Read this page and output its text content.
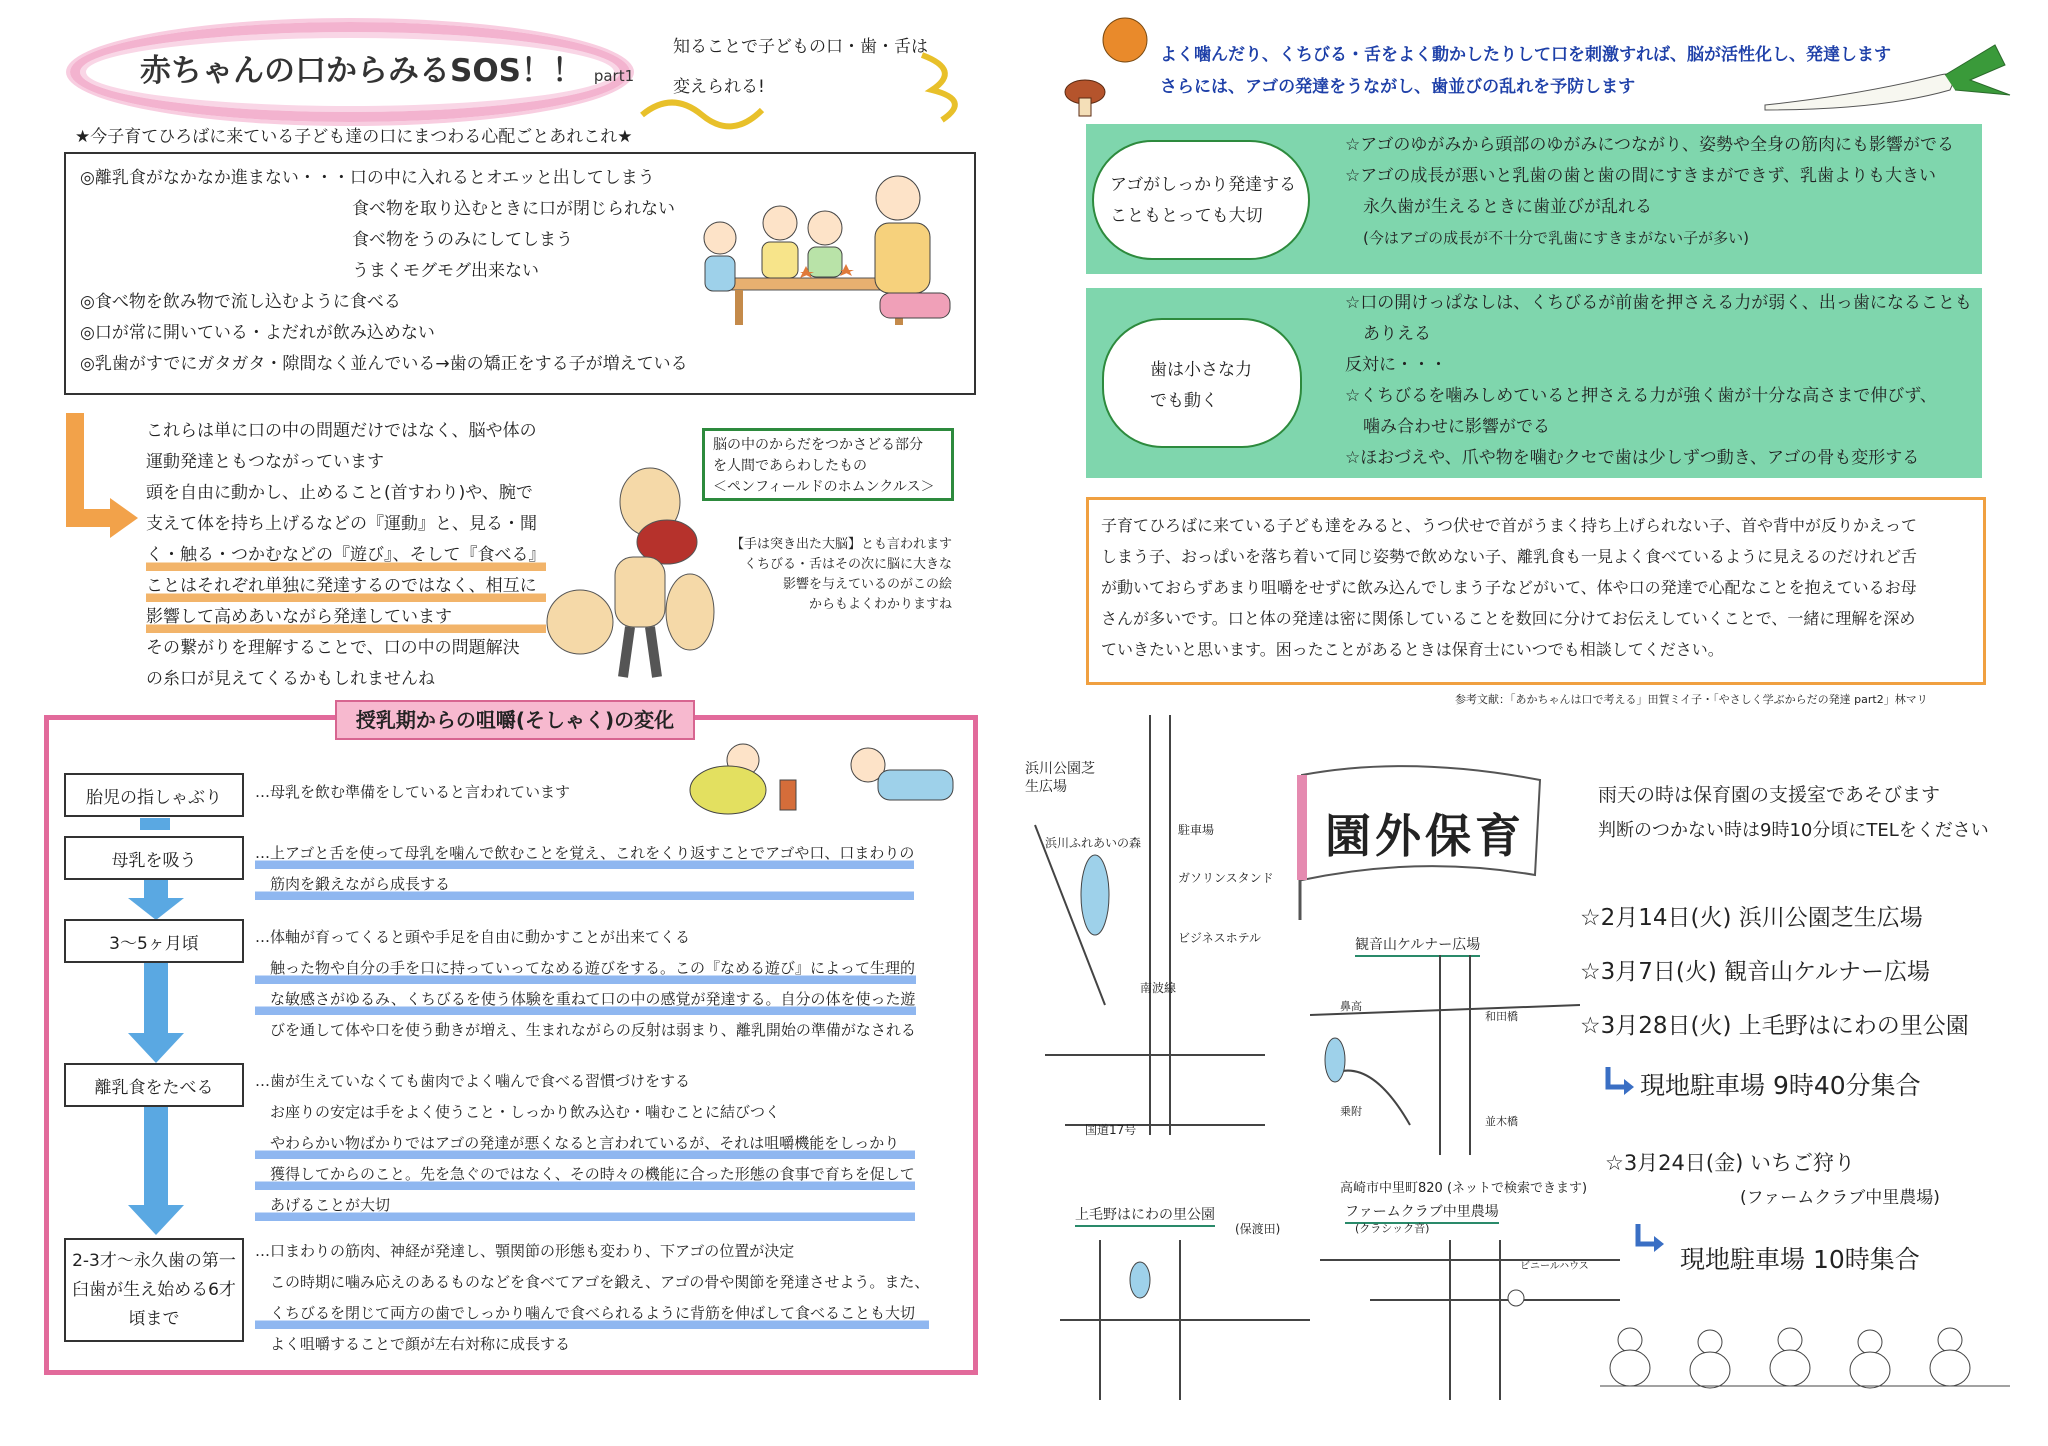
赤ちゃんの口からみるSOS！！ part1
知ることで子どもの口・歯・舌は
変えられる!
★今子育てひろばに来ている子ども達の口にまつわる心配ごとあれこれ★
◎離乳食がなかなか進まない・・・口の中に入れるとオエッと出してしまう
食べ物を取り込むときに口が閉じられない
食べ物をうのみにしてしまう
うまくモグモグ出来ない
◎食べ物を飲み物で流し込むように食べる
◎口が常に開いている・よだれが飲み込めない
◎乳歯がすでにガタガタ・隙間なく並んでいる→歯の矯正をする子が増えている
これらは単に口の中の問題だけではなく、脳や体の
運動発達ともつながっています
頭を自由に動かし、止めること(首すわり)や、腕で
支えて体を持ち上げるなどの『運動』と、見る・聞
く・触る・つかむなどの『遊び』、そして『食べる』
ことはそれぞれ単独に発達するのではなく、相互に
影響して高めあいながら発達しています
その繋がりを理解することで、口の中の問題解決
の糸口が見えてくるかもしれませんね
脳の中のからだをつかさどる部分
を人間であらわしたもの
＜ペンフィールドのホムンクルス＞
【手は突き出た大脳】とも言われます
くちびる・舌はその次に脳に大きな
影響を与えているのがこの絵
からもよくわかりますね
授乳期からの咀嚼(そしゃく)の変化
胎児の指しゃぶり
母乳を吸う
3～5ヶ月頃
離乳食をたべる
2-3才～永久歯の第一臼歯が生え始める6才頃まで
…母乳を飲む準備をしていると言われています
…上アゴと舌を使って母乳を噛んで飲むことを覚え、これをくり返すことでアゴや口、口まわりの
筋肉を鍛えながら成長する
…体軸が育ってくると頭や手足を自由に動かすことが出来てくる
触った物や自分の手を口に持っていってなめる遊びをする。この『なめる遊び』によって生理的
な敏感さがゆるみ、くちびるを使う体験を重ねて口の中の感覚が発達する。自分の体を使った遊
びを通して体や口を使う動きが増え、生まれながらの反射は弱まり、離乳開始の準備がなされる
…歯が生えていなくても歯肉でよく噛んで食べる習慣づけをする
お座りの安定は手をよく使うこと・しっかり飲み込む・噛むことに結びつく
やわらかい物ばかりではアゴの発達が悪くなると言われているが、それは咀嚼機能をしっかり
獲得してからのこと。先を急ぐのではなく、その時々の機能に合った形態の食事で育ちを促して
あげることが大切
…口まわりの筋肉、神経が発達し、顎関節の形態も変わり、下アゴの位置が決定
この時期に噛み応えのあるものなどを食べてアゴを鍛え、アゴの骨や関節を発達させよう。また、
くちびるを閉じて両方の歯でしっかり噛んで食べられるように背筋を伸ばして食べることも大切
よく咀嚼することで顔が左右対称に成長する
よく噛んだり、くちびる・舌をよく動かしたりして口を刺激すれば、脳が活性化し、発達します
さらには、アゴの発達をうながし、歯並びの乱れを予防します
アゴがしっかり発達する
こともとっても大切
☆アゴのゆがみから頭部のゆがみにつながり、姿勢や全身の筋肉にも影響がでる
☆アゴの成長が悪いと乳歯の歯と歯の間にすきまができず、乳歯よりも大きい
永久歯が生えるときに歯並びが乱れる
(今はアゴの成長が不十分で乳歯にすきまがない子が多い)
歯は小さな力
でも動く
☆口の開けっぱなしは、くちびるが前歯を押さえる力が弱く、出っ歯になることも
ありえる
反対に・・・
☆くちびるを噛みしめていると押さえる力が強く歯が十分な高さまで伸びず、
噛み合わせに影響がでる
☆ほおづえや、爪や物を噛むクセで歯は少しずつ動き、アゴの骨も変形する
子育てひろばに来ている子ども達をみると、うつ伏せで首がうまく持ち上げられない子、首や背中が反りかえって
しまう子、おっぱいを落ち着いて同じ姿勢で飲めない子、離乳食も一見よく食べているように見えるのだけれど舌
が動いておらずあまり咀嚼をせずに飲み込んでしまう子などがいて、体や口の発達で心配なことを抱えているお母
さんが多いです。口と体の発達は密に関係していることを数回に分けてお伝えしていくことで、一緒に理解を深め
ていきたいと思います。困ったことがあるときは保育士にいつでも相談してください。
参考文献：「あかちゃんは口で考える」田賀ミイ子・「やさしく学ぶからだの発達 part2」林マリ
浜川公園芝生広場
浜川ふれあいの森
駐車場
ガソリンスタンド
ビジネスホテル
南波線
国道17号
園外保育
雨天の時は保育園の支援室であそびます
判断のつかない時は9時10分頃にTELをください
☆2月14日(火) 浜川公園芝生広場
☆3月7日(火) 観音山ケルナー広場
☆3月28日(火) 上毛野はにわの里公園
現地駐車場 9時40分集合
☆3月24日(金) いちご狩り
(ファームクラブ中里農場)
現地駐車場 10時集合
観音山ケルナー広場
鼻高
和田橋
乗附
並木橋
上毛野はにわの里公園
(保渡田)
高崎市中里町820 (ネットで検索できます)
ファームクラブ中里農場
(クラシック音)
ビニールハウス
